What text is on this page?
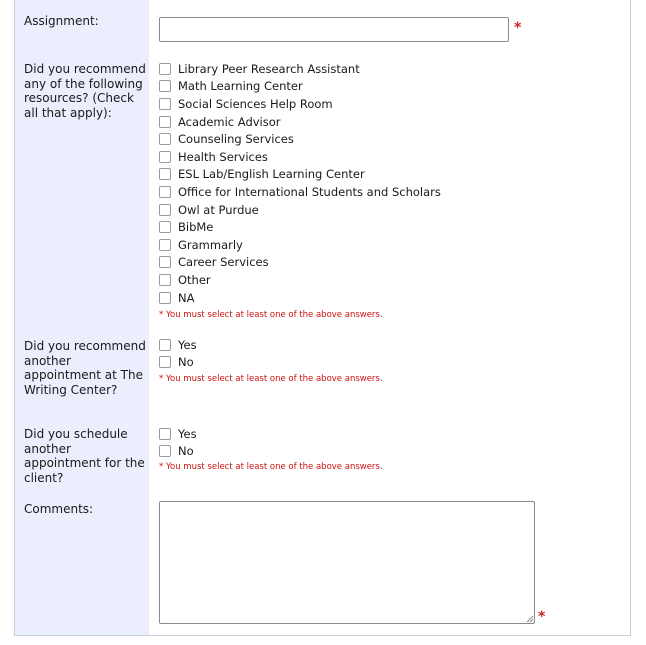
Assignment:
Did you recommend any of the following resources? (Check all that apply):
Did you recommend another appointment at The Writing Center?
Did you schedule another appointment for the client?
Comments:
*
Library Peer Research Assistant
Math Learning Center
Social Sciences Help Room
Academic Advisor
Counseling Services
Health Services
ESL Lab/English Learning Center
Office for International Students and Scholars
Owl at Purdue
BibMe
Grammarly
Career Services
Other
NA
* You must select at least one of the above answers.
Yes
No
* You must select at least one of the above answers.
Yes
No
* You must select at least one of the above answers.
*
